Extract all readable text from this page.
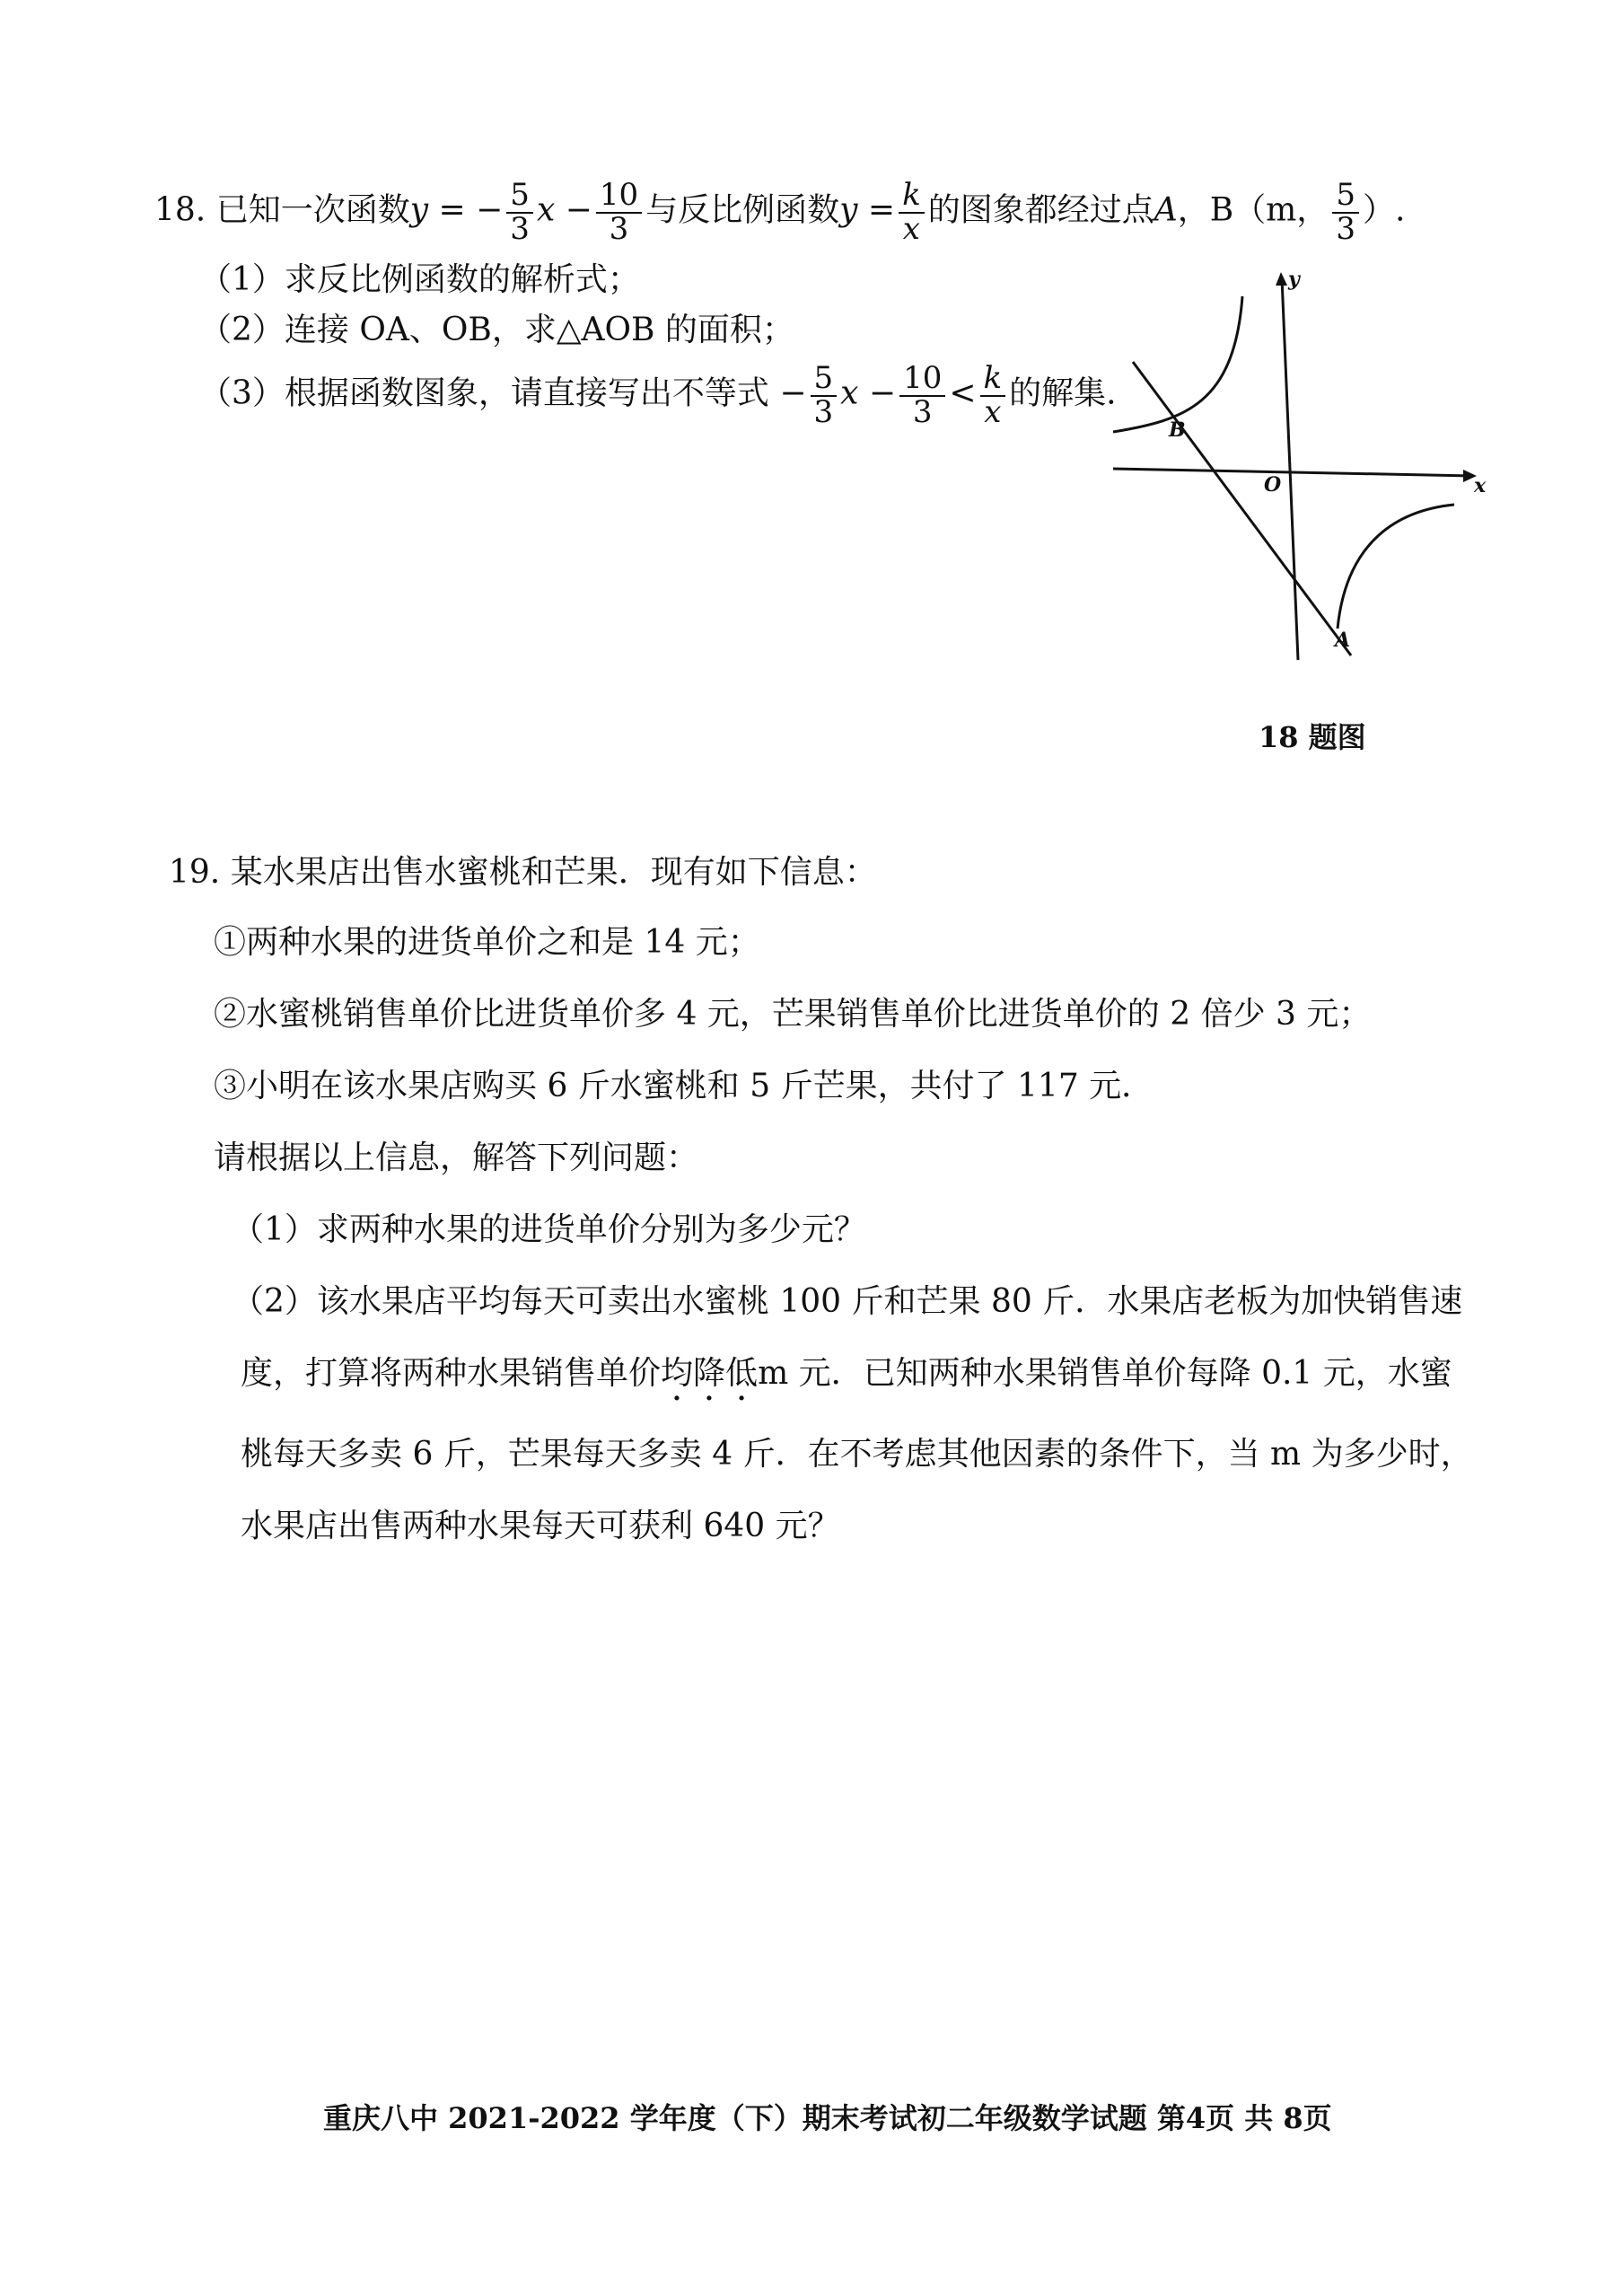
18. 已知一次函数y = − $\frac{5}{3}$ $x - \frac{10}{3}$ 与反比例函数$y = \frac{k}{x}$ 的图象都经过点A，B（m， $\frac{5}{3}$ ）.
（1）求反比例函数的解析式；
（2）连接 OA、OB，求△AOB 的面积；
（3）根据函数图象，请直接写出不等式 − $\frac{5}{3}$ $x - \frac{10}{3} < \frac{k}{x}$ 的解集.
y
x
O
B
A
18 题图
19. 某水果店出售水蜜桃和芒果．现有如下信息：
①两种水果的进货单价之和是 14 元；
②水蜜桃销售单价比进货单价多 4 元，芒果销售单价比进货单价的 2 倍少 3 元；
③小明在该水果店购买 6 斤水蜜桃和 5 斤芒果，共付了 117 元．
请根据以上信息，解答下列问题：
（1）求两种水果的进货单价分别为多少元？
（2）该水果店平均每天可卖出水蜜桃 100 斤和芒果 80 斤．水果店老板为加快销售速
度，打算将两种水果销售单价均降低m 元．已知两种水果销售单价每降 0.1 元，水蜜
桃每天多卖 6 斤，芒果每天多卖 4 斤．在不考虑其他因素的条件下，当 m 为多少时，
水果店出售两种水果每天可获利 640 元？
重庆八中 2021-2022 学年度（下）期末考试初二年级数学试题 第4页 共 8页
